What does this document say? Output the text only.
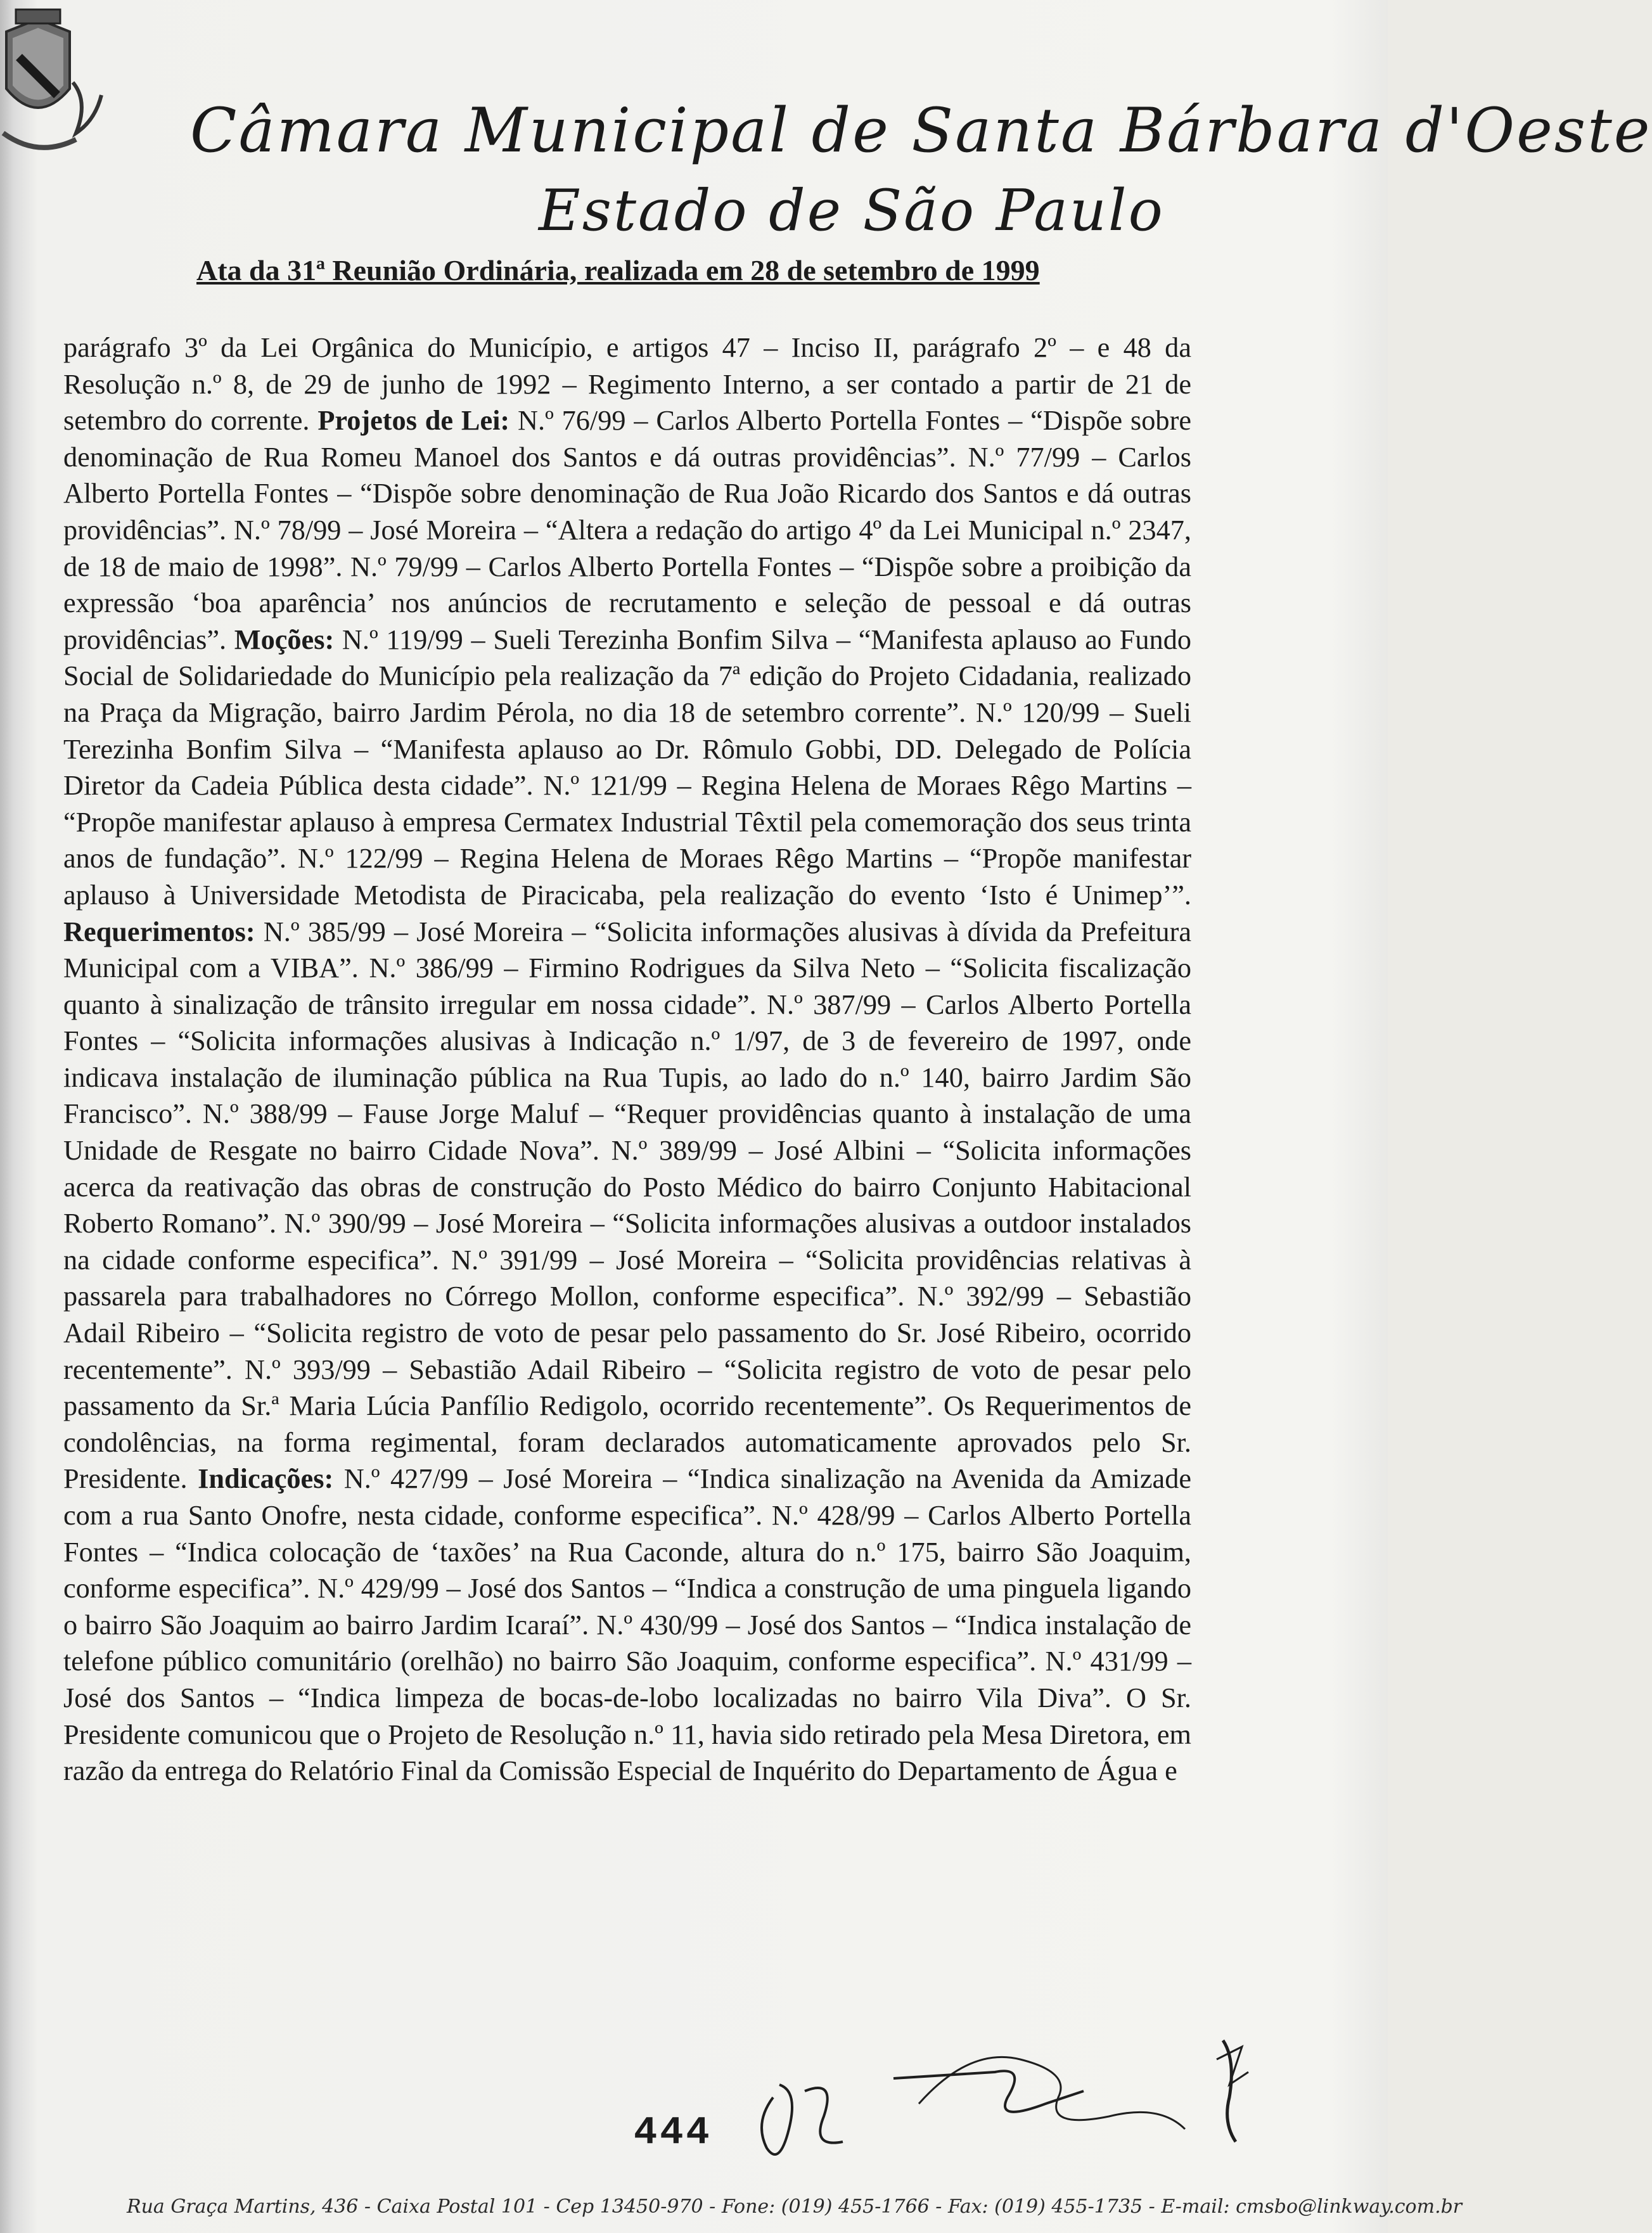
Câmara Municipal de Santa Bárbara d'Oeste
Estado de São Paulo
Ata da 31ª Reunião Ordinária, realizada em 28 de setembro de 1999
parágrafo 3º da Lei Orgânica do Município, e artigos 47 – Inciso II, parágrafo 2º – e 48 da Resolução n.º 8, de 29 de junho de 1992 – Regimento Interno, a ser contado a partir de 21 de setembro do corrente. Projetos de Lei: N.º 76/99 – Carlos Alberto Portella Fontes – “Dispõe sobre denominação de Rua Romeu Manoel dos Santos e dá outras providências”. N.º 77/99 – Carlos Alberto Portella Fontes – “Dispõe sobre denominação de Rua João Ricardo dos Santos e dá outras providências”. N.º 78/99 – José Moreira – “Altera a redação do artigo 4º da Lei Municipal n.º 2347, de 18 de maio de 1998”. N.º 79/99 – Carlos Alberto Portella Fontes – “Dispõe sobre a proibição da expressão ‘boa aparência’ nos anúncios de recrutamento e seleção de pessoal e dá outras providências”. Moções: N.º 119/99 – Sueli Terezinha Bonfim Silva – “Manifesta aplauso ao Fundo Social de Solidariedade do Município pela realização da 7ª edição do Projeto Cidadania, realizado na Praça da Migração, bairro Jardim Pérola, no dia 18 de setembro corrente”. N.º 120/99 – Sueli Terezinha Bonfim Silva – “Manifesta aplauso ao Dr. Rômulo Gobbi, DD. Delegado de Polícia Diretor da Cadeia Pública desta cidade”. N.º 121/99 – Regina Helena de Moraes Rêgo Martins – “Propõe manifestar aplauso à empresa Cermatex Industrial Têxtil pela comemoração dos seus trinta anos de fundação”. N.º 122/99 – Regina Helena de Moraes Rêgo Martins – “Propõe manifestar aplauso à Universidade Metodista de Piracicaba, pela realização do evento ‘Isto é Unimep’”. Requerimentos: N.º 385/99 – José Moreira – “Solicita informações alusivas à dívida da Prefeitura Municipal com a VIBA”. N.º 386/99 – Firmino Rodrigues da Silva Neto – “Solicita fiscalização quanto à sinalização de trânsito irregular em nossa cidade”. N.º 387/99 – Carlos Alberto Portella Fontes – “Solicita informações alusivas à Indicação n.º 1/97, de 3 de fevereiro de 1997, onde indicava instalação de iluminação pública na Rua Tupis, ao lado do n.º 140, bairro Jardim São Francisco”. N.º 388/99 – Fause Jorge Maluf – “Requer providências quanto à instalação de uma Unidade de Resgate no bairro Cidade Nova”. N.º 389/99 – José Albini – “Solicita informações acerca da reativação das obras de construção do Posto Médico do bairro Conjunto Habitacional Roberto Romano”. N.º 390/99 – José Moreira – “Solicita informações alusivas a outdoor instalados na cidade conforme especifica”. N.º 391/99 – José Moreira – “Solicita providências relativas à passarela para trabalhadores no Córrego Mollon, conforme especifica”. N.º 392/99 – Sebastião Adail Ribeiro – “Solicita registro de voto de pesar pelo passamento do Sr. José Ribeiro, ocorrido recentemente”. N.º 393/99 – Sebastião Adail Ribeiro – “Solicita registro de voto de pesar pelo passamento da Sr.ª Maria Lúcia Panfílio Redigolo, ocorrido recentemente”. Os Requerimentos de condolências, na forma regimental, foram declarados automaticamente aprovados pelo Sr. Presidente. Indicações: N.º 427/99 – José Moreira – “Indica sinalização na Avenida da Amizade com a rua Santo Onofre, nesta cidade, conforme especifica”. N.º 428/99 – Carlos Alberto Portella Fontes – “Indica colocação de ‘taxões’ na Rua Caconde, altura do n.º 175, bairro São Joaquim, conforme especifica”. N.º 429/99 – José dos Santos – “Indica a construção de uma pinguela ligando o bairro São Joaquim ao bairro Jardim Icaraí”. N.º 430/99 – José dos Santos – “Indica instalação de telefone público comunitário (orelhão) no bairro São Joaquim, conforme especifica”. N.º 431/99 – José dos Santos – “Indica limpeza de bocas-de-lobo localizadas no bairro Vila Diva”. O Sr. Presidente comunicou que o Projeto de Resolução n.º 11, havia sido retirado pela Mesa Diretora, em razão da entrega do Relatório Final da Comissão Especial de Inquérito do Departamento de Água e
444
Rua Graça Martins, 436 - Caixa Postal 101 - Cep 13450-970 - Fone: (019) 455-1766 - Fax: (019) 455-1735 - E-mail: cmsbo@linkway.com.br
